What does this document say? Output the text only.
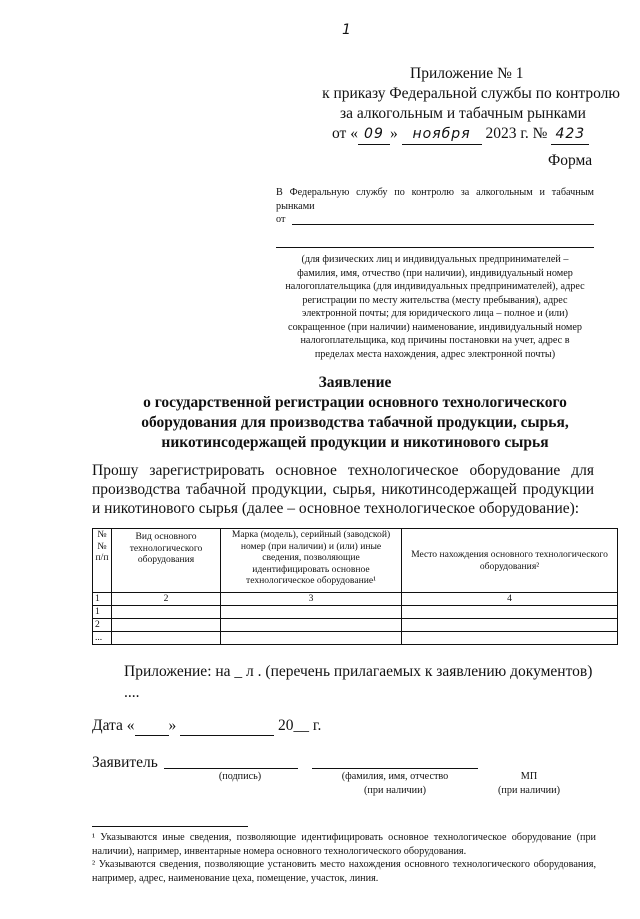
1
Приложение № 1
к приказу Федеральной службы по контролю
за алкогольным и табачным рынками
от « 09 » ноября 2023 г. № 423
Форма
В Федеральную службу по контролю за алкогольным и табачным рынками
от
(для физических лиц и индивидуальных предпринимателей – фамилия, имя, отчество (при наличии), индивидуальный номер налогоплательщика (для индивидуальных предпринимателей), адрес регистрации по месту жительства (месту пребывания), адрес электронной почты; для юридического лица – полное и (или) сокращенное (при наличии) наименование, индивидуальный номер налогоплательщика, код причины постановки на учет, адрес в пределах места нахождения, адрес электронной почты)
Заявление
о государственной регистрации основного технологического
оборудования для производства табачной продукции, сырья,
никотинсодержащей продукции и никотинового сырья
Прошу зарегистрировать основное технологическое оборудование для производства табачной продукции, сырья, никотинсодержащей продукции и никотинового сырья (далее – основное технологическое оборудование):
№ № п/п	Вид основного технологического оборудования	Марка (модель), серийный (заводской) номер (при наличии) и (или) иные сведения, позволяющие идентифицировать основное технологическое оборудование¹	Место нахождения основного технологического оборудования²
1	2	3	4
1			
2			
...			
Приложение: на _ л . (перечень прилагаемых к заявлению документов)
....
Дата « »	20__ г.
Заявитель
(подпись)	(фамилия, имя, отчество
(при наличии)
МП
(при наличии)
¹ Указываются иные сведения, позволяющие идентифицировать основное технологическое оборудование (при наличии), например, инвентарные номера основного технологического оборудования.
² Указываются сведения, позволяющие установить место нахождения основного технологического оборудования, например, адрес, наименование цеха, помещение, участок, линия.
